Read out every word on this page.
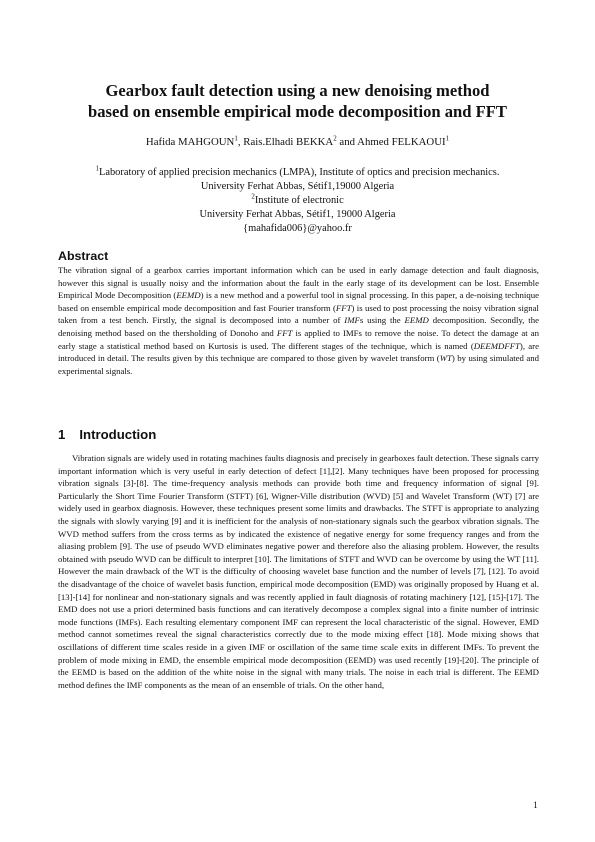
Gearbox fault detection using a new denoising method
based on ensemble empirical mode decomposition and FFT
Hafida MAHGOUN$^1$, Rais.Elhadi BEKKA$^2$ and Ahmed FELKAOUI$^1$
$^1$Laboratory of applied precision mechanics (LMPA), Institute of optics and precision mechanics.
University Ferhat Abbas, Sétif1,19000 Algeria
$^2$Institute of electronic
University Ferhat Abbas, Sétif1, 19000 Algeria
{mahafida006}@yahoo.fr
Abstract

The vibration signal of a gearbox carries important information which can be used in early damage detection and fault diagnosis, however this signal is usually noisy and the information about the fault in the early stage of its development can be lost. Ensemble Empirical Mode Decomposition (EEMD) is a new method and a powerful tool in signal processing. In this paper, a de-noising technique based on ensemble empirical mode decomposition and fast Fourier transform (FFT) is used to post processing the noisy vibration signal taken from a test bench. Firstly, the signal is decomposed into a number of IMFs using the EEMD decomposition. Secondly, the denoising method based on the thersholding of Donoho and FFT is applied to IMFs to remove the noise. To detect the damage at an early stage a statistical method based on Kurtosis is used. The different stages of the technique, which is named (DEEMDFFT), are introduced in detail. The results given by this technique are compared to those given by wavelet transform (WT) by using simulated and experimental signals.

1 Introduction

Vibration signals are widely used in rotating machines faults diagnosis and precisely in gearboxes fault detection. These signals carry important information which is very useful in early detection of defect [1],[2]. Many techniques have been proposed for processing vibration signals [3]-[8]. The time-frequency analysis methods can provide both time and frequency information of signal [9]. Particularly the Short Time Fourier Transform (STFT) [6], Wigner-Ville distribution (WVD) [5] and Wavelet Transform (WT) [7] are widely used in gearbox diagnosis. However, these techniques present some limits and drawbacks. The STFT is appropriate to analyzing the signals with slowly varying [9] and it is inefficient for the analysis of non-stationary signals such the gearbox vibration signals. The WVD method suffers from the cross terms as by indicated the existence of negative energy for some frequency ranges and from the aliasing problem [9]. The use of pseudo WVD eliminates negative power and therefore also the aliasing problem. However, the results obtained with pseudo WVD can be difficult to interpret [10]. The limitations of STFT and WVD can be overcome by using the WT [11]. However the main drawback of the WT is the difficulty of choosing wavelet base function and the number of levels [7], [12]. To avoid the disadvantage of the choice of wavelet basis function, empirical mode decomposition (EMD) was originally proposed by Huang et al. [13]-[14] for nonlinear and non-stationary signals and was recently applied in fault diagnosis of rotating machinery [12], [15]-[17]. The EMD does not use a priori determined basis functions and can iteratively decompose a complex signal into a finite number of intrinsic mode functions (IMFs). Each resulting elementary component IMF can represent the local characteristic of the signal. However, EMD method cannot sometimes reveal the signal characteristics correctly due to the mode mixing effect [18]. Mode mixing shows that oscillations of different time scales reside in a given IMF or oscillation of the same time scale exits in different IMFs. To prevent the problem of mode mixing in EMD, the ensemble empirical mode decomposition (EEMD) was used recently [19]-[20]. The principle of the EEMD is based on the addition of the white noise in the signal with many trials. The noise in each trial is different. The EEMD method defines the IMF components as the mean of an ensemble of trials. On the other hand,

1
